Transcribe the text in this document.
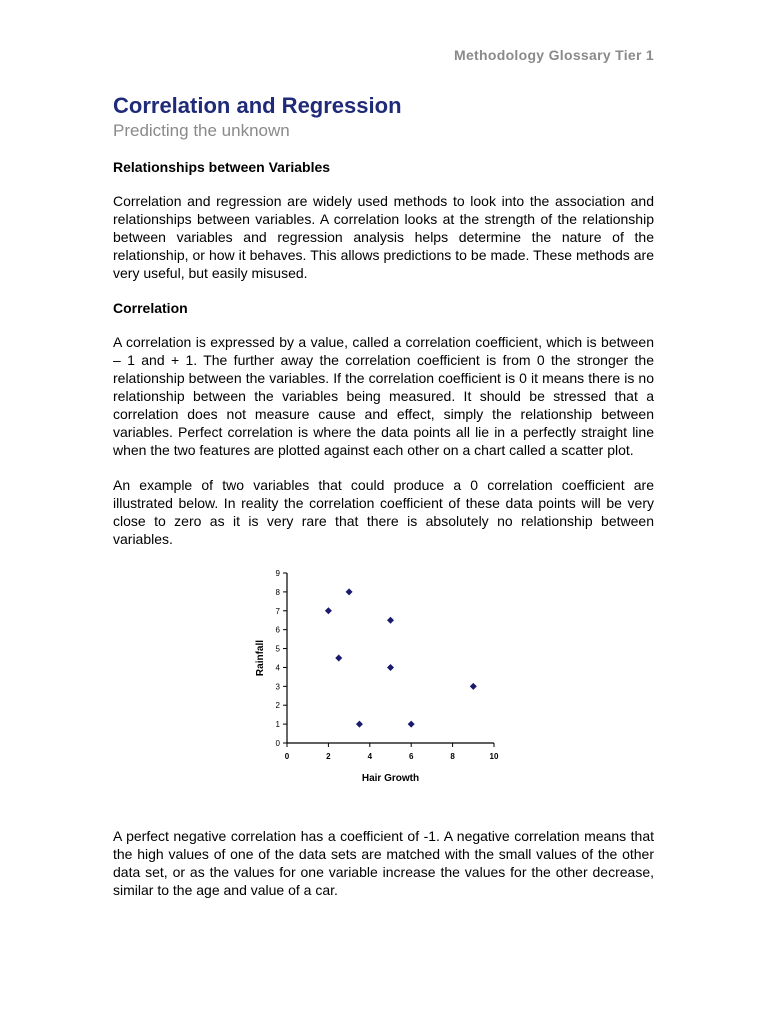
Methodology Glossary Tier 1
Correlation and Regression
Predicting the unknown
Relationships between Variables

Correlation and regression are widely used methods to look into the association and relationships between variables. A correlation looks at the strength of the relationship between variables and regression analysis helps determine the nature of the relationship, or how it behaves. This allows predictions to be made. These methods are very useful, but easily misused.

Correlation

A correlation is expressed by a value, called a correlation coefficient, which is between – 1 and + 1. The further away the correlation coefficient is from 0 the stronger the relationship between the variables. If the correlation coefficient is 0 it means there is no relationship between the variables being measured. It should be stressed that a correlation does not measure cause and effect, simply the relationship between variables. Perfect correlation is where the data points all lie in a perfectly straight line when the two features are plotted against each other on a chart called a scatter plot.

An example of two variables that could produce a 0 correlation coefficient are illustrated below. In reality the correlation coefficient of these data points will be very close to zero as it is very rare that there is absolutely no relationship between variables.

0
1
2
3
4
5
6
7
8
9
0	2	4	6	8	10
Hair Growth
Rainfall

A perfect negative correlation has a coefficient of -1. A negative correlation means that the high values of one of the data sets are matched with the small values of the other data set, or as the values for one variable increase the values for the other decrease, similar to the age and value of a car.
